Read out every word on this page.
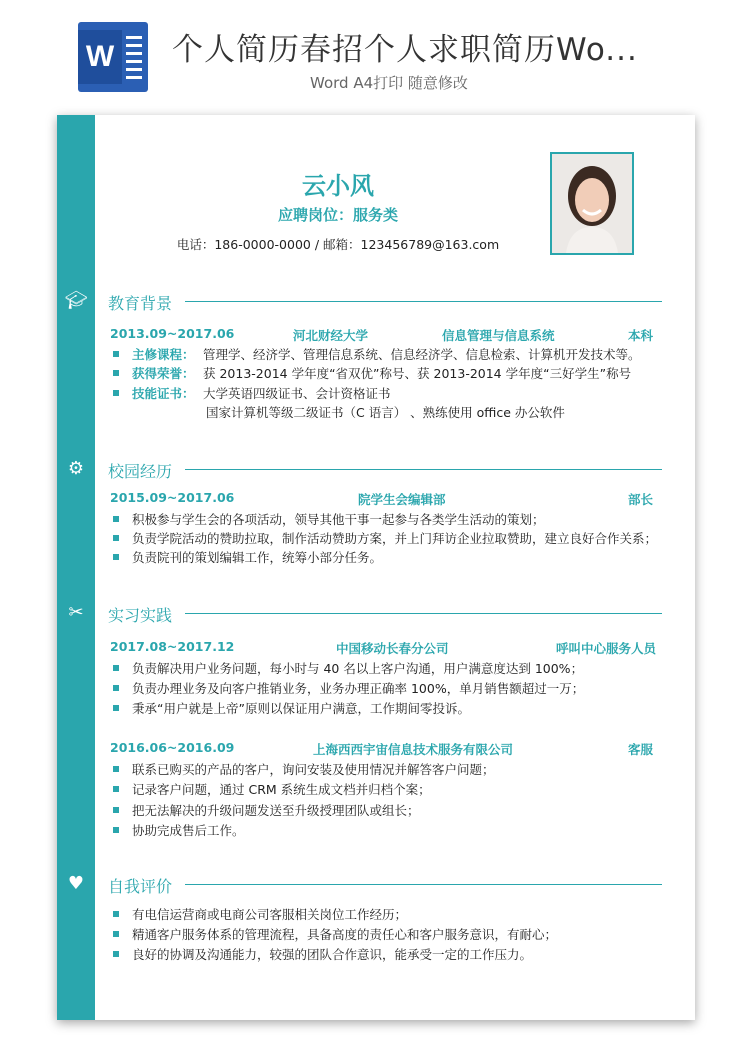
W 个人简历春招个人求职简历Wo...
Word A4打印 随意修改
云小风
应聘岗位：服务类
电话：186-0000-0000 / 邮箱：123456789@163.com
🎓︎ 教育背景
2013.09~2017.06	河北财经大学	信息管理与信息系统	本科
主修课程： 管理学、经济学、管理信息系统、信息经济学、信息检索、计算机开发技术等。
获得荣誉： 获 2013-2014 学年度“省双优”称号、获 2013-2014 学年度“三好学生”称号
技能证书： 大学英语四级证书、会计资格证书
国家计算机等级二级证书（C 语言） 、熟练使用 office 办公软件
⚙︎ 校园经历
2015.09~2017.06	院学生会编辑部	部长
积极参与学生会的各项活动，领导其他干事一起参与各类学生活动的策划；
负责学院活动的赞助拉取，制作活动赞助方案，并上门拜访企业拉取赞助，建立良好合作关系；
负责院刊的策划编辑工作，统筹小部分任务。
✂︎ 实习实践
2017.08~2017.12	中国移动长春分公司	呼叫中心服务人员
负责解决用户业务问题，每小时与 40 名以上客户沟通，用户满意度达到 100%；
负责办理业务及向客户推销业务，业务办理正确率 100%，单月销售额超过一万；
秉承“用户就是上帝”原则以保证用户满意，工作期间零投诉。
2016.06~2016.09	上海西西宇宙信息技术服务有限公司	客服
联系已购买的产品的客户，询问安装及使用情况并解答客户问题；
记录客户问题，通过 CRM 系统生成文档并归档个案；
把无法解决的升级问题发送至升级授理团队或组长；
协助完成售后工作。
♥ 自我评价
有电信运营商或电商公司客服相关岗位工作经历；
精通客户服务体系的管理流程，具备高度的责任心和客户服务意识，有耐心；
良好的协调及沟通能力，较强的团队合作意识，能承受一定的工作压力。
